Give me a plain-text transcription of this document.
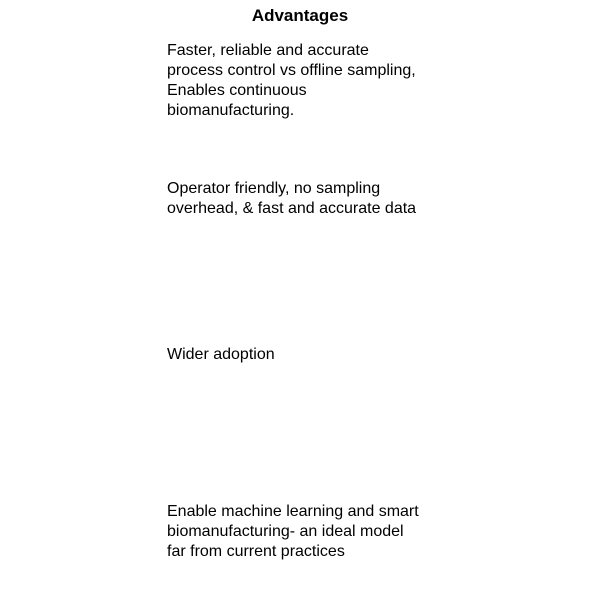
Advantages
Faster, reliable and accurate
process control vs offline sampling,
Enables continuous
biomanufacturing.
Operator friendly, no sampling
overhead, & fast and accurate data
Wider adoption
Enable machine learning and smart
biomanufacturing- an ideal model
far from current practices
